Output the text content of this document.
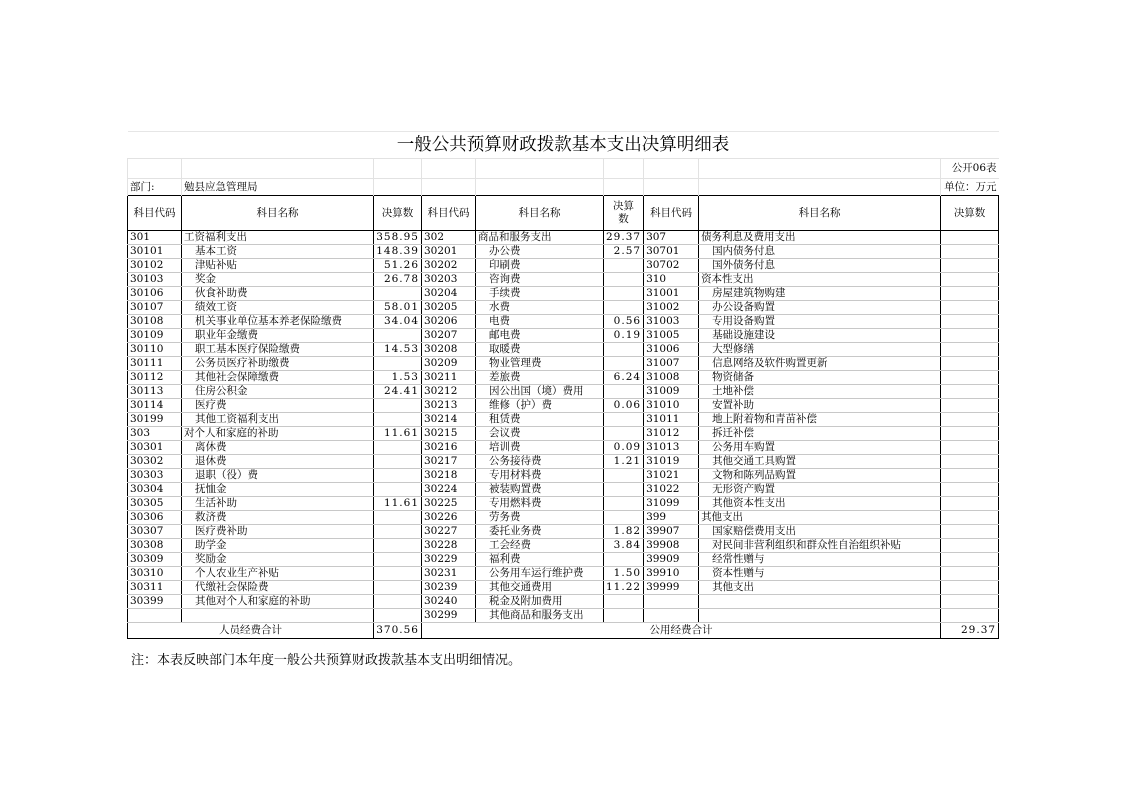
一般公共预算财政拨款基本支出决算明细表								
								公开06表
部门:	勉县应急管理局							单位：万元
科目代码	科目名称	决算数	科目代码	科目名称	决算数	科目代码	科目名称	决算数
301	工资福利支出	358.95	302	商品和服务支出	29.37	307	债务利息及费用支出	
30101	基本工资	148.39	30201	办公费	2.57	30701	国内债务付息	
30102	津贴补贴	51.26	30202	印刷费		30702	国外债务付息	
30103	奖金	26.78	30203	咨询费		310	资本性支出	
30106	伙食补助费		30204	手续费		31001	房屋建筑物购建	
30107	绩效工资	58.01	30205	水费		31002	办公设备购置	
30108	机关事业单位基本养老保险缴费	34.04	30206	电费	0.56	31003	专用设备购置	
30109	职业年金缴费		30207	邮电费	0.19	31005	基础设施建设	
30110	职工基本医疗保险缴费	14.53	30208	取暖费		31006	大型修缮	
30111	公务员医疗补助缴费		30209	物业管理费		31007	信息网络及软件购置更新	
30112	其他社会保障缴费	1.53	30211	差旅费	6.24	31008	物资储备	
30113	住房公积金	24.41	30212	因公出国（境）费用		31009	土地补偿	
30114	医疗费		30213	维修（护）费	0.06	31010	安置补助	
30199	其他工资福利支出		30214	租赁费		31011	地上附着物和青苗补偿	
303	对个人和家庭的补助	11.61	30215	会议费		31012	拆迁补偿	
30301	离休费		30216	培训费	0.09	31013	公务用车购置	
30302	退休费		30217	公务接待费	1.21	31019	其他交通工具购置	
30303	退职（役）费		30218	专用材料费		31021	文物和陈列品购置	
30304	抚恤金		30224	被装购置费		31022	无形资产购置	
30305	生活补助	11.61	30225	专用燃料费		31099	其他资本性支出	
30306	救济费		30226	劳务费		399	其他支出	
30307	医疗费补助		30227	委托业务费	1.82	39907	国家赔偿费用支出	
30308	助学金		30228	工会经费	3.84	39908	对民间非营利组织和群众性自治组织补贴	
30309	奖励金		30229	福利费		39909	经常性赠与	
30310	个人农业生产补贴		30231	公务用车运行维护费	1.50	39910	资本性赠与	
30311	代缴社会保险费		30239	其他交通费用	11.22	39999	其他支出	
30399	其他对个人和家庭的补助		30240	税金及附加费用				
			30299	其他商品和服务支出				
人员经费合计		370.56	公用经费合计					29.37
注：本表反映部门本年度一般公共预算财政拨款基本支出明细情况。
